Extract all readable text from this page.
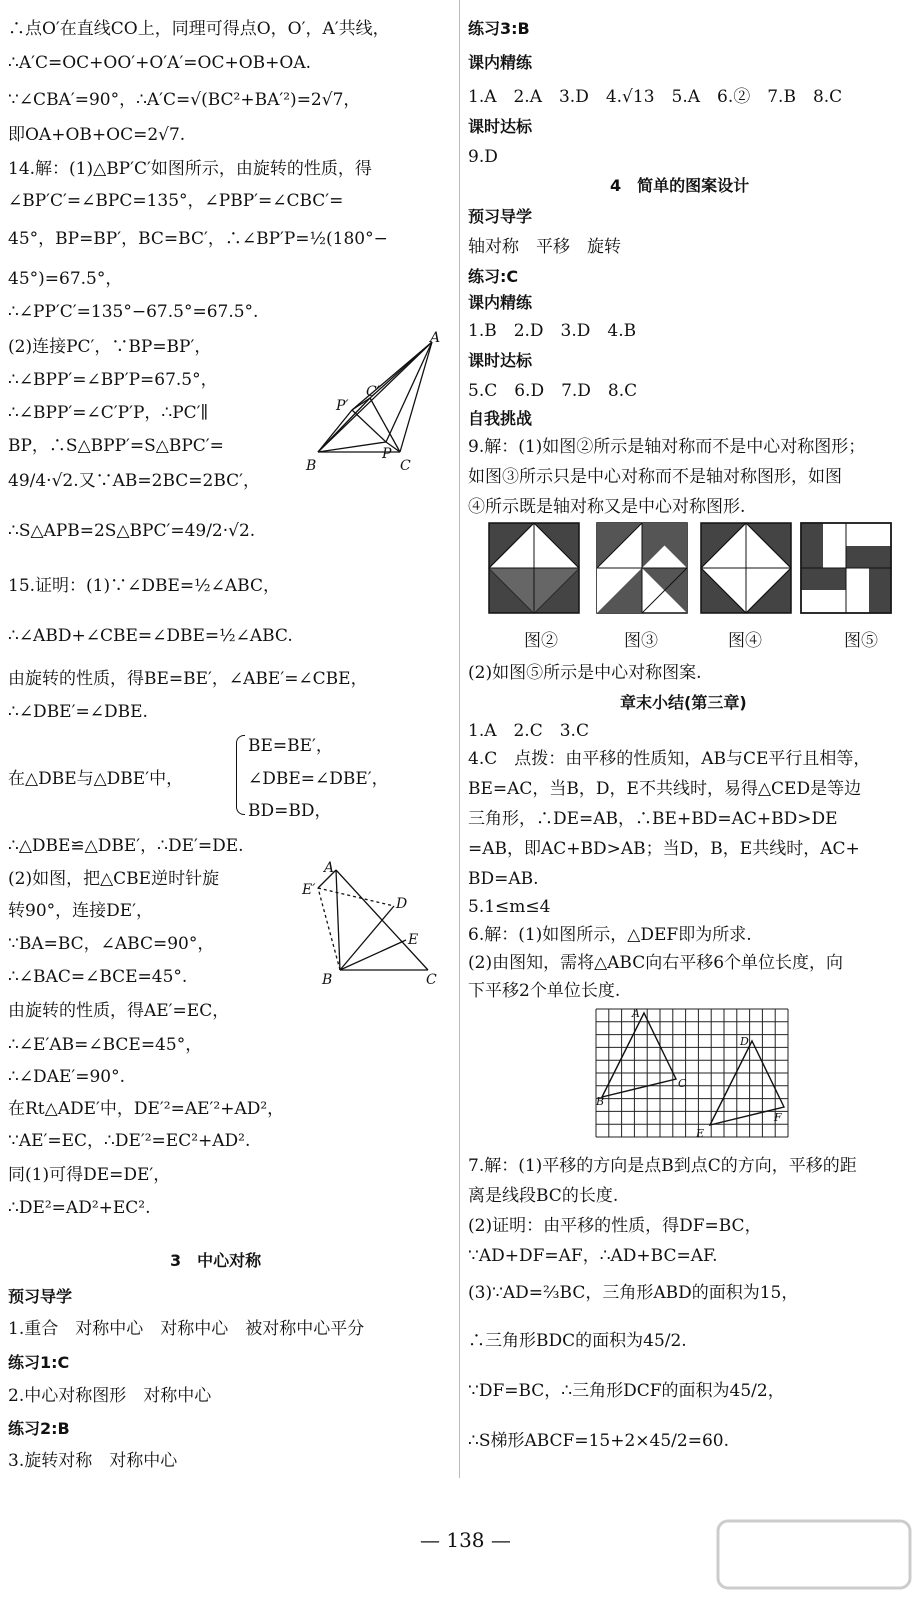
∴点O′在直线CO上，同理可得点O，O′，A′共线，
∴A′C=OC+OO′+O′A′=OC+OB+OA.
∵∠CBA′=90°，∴A′C=√(BC²+BA′²)=2√7，
即OA+OB+OC=2√7.
14.解：(1)△BP′C′如图所示，由旋转的性质，得
∠BP′C′=∠BPC=135°，∠PBP′=∠CBC′=
45°，BP=BP′，BC=BC′，∴∠BP′P=½(180°−
45°)=67.5°，
∴∠PP′C′=135°−67.5°=67.5°.
(2)连接PC′，∵BP=BP′，
∴∠BPP′=∠BP′P=67.5°，
∴∠BPP′=∠C′P′P，∴PC′∥
BP，∴S△BPP′=S△BPC′=
49/4·√2.又∵AB=2BC=2BC′，
∴S△APB=2S△BPC′=49/2·√2.
A
P′
C′
B
P
C
15.证明：(1)∵∠DBE=½∠ABC，
∴∠ABD+∠CBE=∠DBE=½∠ABC.
由旋转的性质，得BE=BE′，∠ABE′=∠CBE，
∴∠DBE′=∠DBE.
BE=BE′，
在△DBE与△DBE′中，	∠DBE=∠DBE′，
BD=BD，
∴△DBE≌△DBE′，∴DE′=DE.
(2)如图，把△CBE逆时针旋
转90°，连接DE′，
∵BA=BC，∠ABC=90°，
∴∠BAC=∠BCE=45°.
由旋转的性质，得AE′=EC，
∴∠E′AB=∠BCE=45°，
∴∠DAE′=90°.
在Rt△ADE′中，DE′²=AE′²+AD²，
∵AE′=EC，∴DE′²=EC²+AD².
同(1)可得DE=DE′，
∴DE²=AD²+EC².
A
E′
D
E
B	C
3　中心对称
预习导学
1.重合　对称中心　对称中心　被对称中心平分
练习1:C
2.中心对称图形　对称中心
练习2:B
3.旋转对称　对称中心
练习3:B
课内精练
1.A　2.A　3.D　4.√13　5.A　6.②　7.B　8.C
课时达标
9.D
4　简单的图案设计
预习导学
轴对称　平移　旋转
练习:C
课内精练
1.B　2.D　3.D　4.B
课时达标
5.C　6.D　7.D　8.C
自我挑战
9.解：(1)如图②所示是轴对称而不是中心对称图形；
如图③所示只是中心对称而不是轴对称图形，如图
④所示既是轴对称又是中心对称图形.
图②	图③	图④	图⑤
(2)如图⑤所示是中心对称图案.
章末小结(第三章)
1.A　2.C　3.C
4.C　点拨：由平移的性质知，AB与CE平行且相等，
BE=AC，当B，D，E不共线时，易得△CED是等边
三角形，∴DE=AB，∴BE+BD=AC+BD>DE
=AB，即AC+BD>AB；当D，B，E共线时，AC+
BD=AB.
5.1≤m≤4
6.解：(1)如图所示，△DEF即为所求.
(2)由图知，需将△ABC向右平移6个单位长度，向
下平移2个单位长度.
A
B
C
D
E
F
7.解：(1)平移的方向是点B到点C的方向，平移的距
离是线段BC的长度.
(2)证明：由平移的性质，得DF=BC，
∵AD+DF=AF，∴AD+BC=AF.
(3)∵AD=⅔BC，三角形ABD的面积为15，
∴三角形BDC的面积为45/2.
∵DF=BC，∴三角形DCF的面积为45/2，
∴S梯形ABCF=15+2×45/2=60.
— 138 —
